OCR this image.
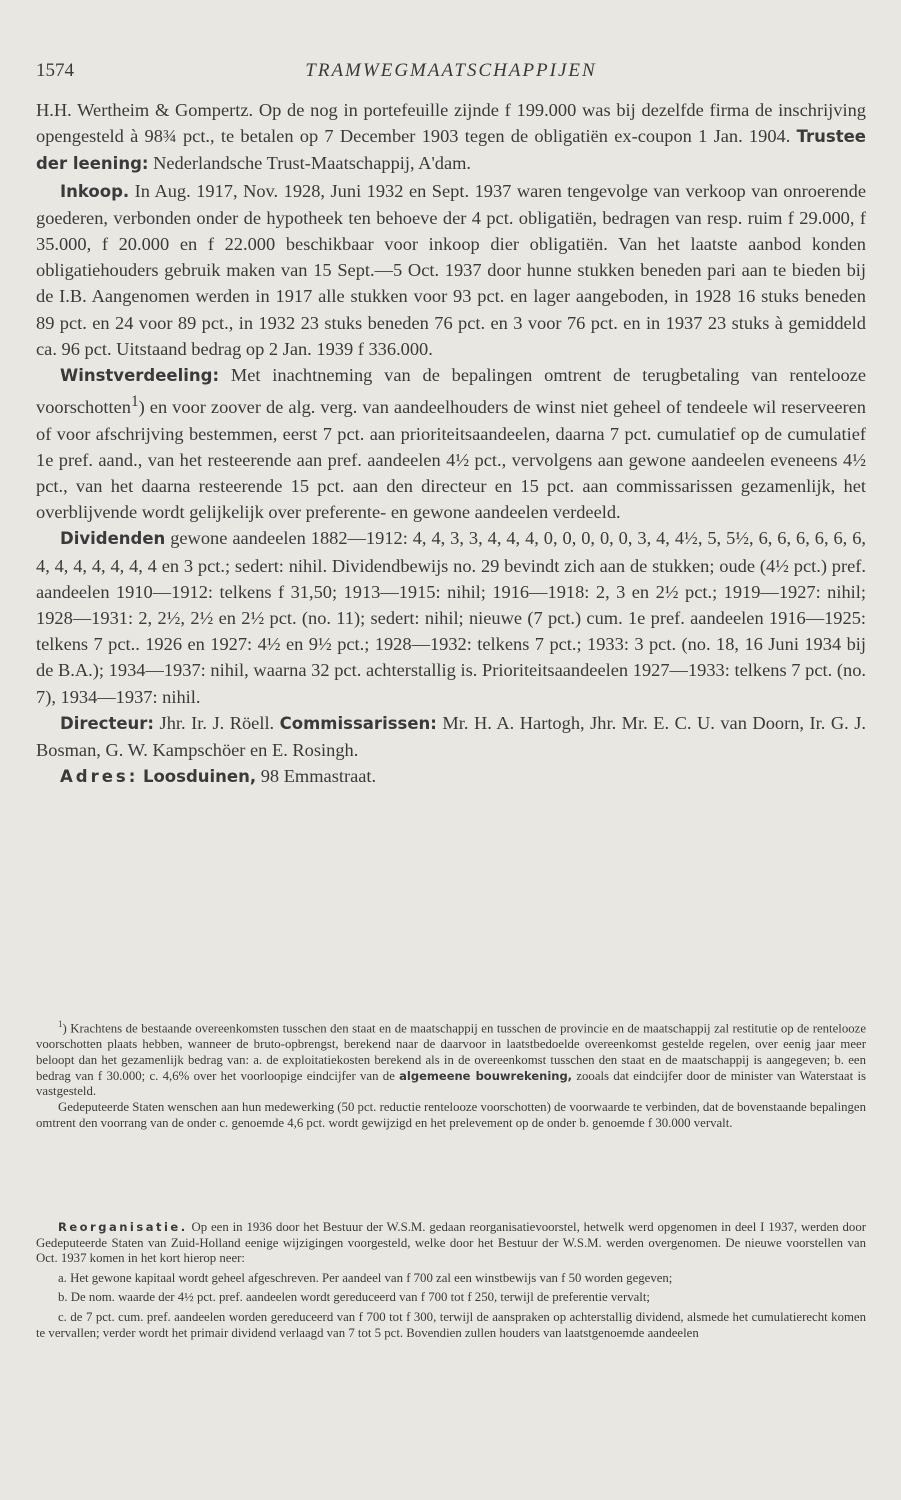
1574	TRAMWEGMAATSCHAPPIJEN

H.H. Wertheim & Gompertz. Op de nog in portefeuille zijnde f 199.000 was bij dezelfde firma de inschrijving opengesteld à 98¾ pct., te betalen op 7 December 1903 tegen de obligatiën ex-coupon 1 Jan. 1904. Trustee der leening: Nederlandsche Trust-Maatschappij, A'dam.

Inkoop. In Aug. 1917, Nov. 1928, Juni 1932 en Sept. 1937 waren tengevolge van verkoop van onroerende goederen, verbonden onder de hypotheek ten behoeve der 4 pct. obligatiën, bedragen van resp. ruim f 29.000, f 35.000, f 20.000 en f 22.000 beschikbaar voor inkoop dier obligatiën. Van het laatste aanbod konden obligatiehouders gebruik maken van 15 Sept.—5 Oct. 1937 door hunne stukken beneden pari aan te bieden bij de I.B. Aangenomen werden in 1917 alle stukken voor 93 pct. en lager aangeboden, in 1928 16 stuks beneden 89 pct. en 24 voor 89 pct., in 1932 23 stuks beneden 76 pct. en 3 voor 76 pct. en in 1937 23 stuks à gemiddeld ca. 96 pct. Uitstaand bedrag op 2 Jan. 1939 f 336.000.

Winstverdeeling: Met inachtneming van de bepalingen omtrent de terugbetaling van rentelooze voorschotten$^1$) en voor zoover de alg. verg. van aandeelhouders de winst niet geheel of tendeele wil reserveeren of voor afschrijving bestemmen, eerst 7 pct. aan prioriteitsaandeelen, daarna 7 pct. cumulatief op de cumulatief 1e pref. aand., van het resteerende aan pref. aandeelen 4½ pct., vervolgens aan gewone aandeelen eveneens 4½ pct., van het daarna resteerende 15 pct. aan den directeur en 15 pct. aan commissarissen gezamenlijk, het overblijvende wordt gelijkelijk over preferente- en gewone aandeelen verdeeld.

Dividenden gewone aandeelen 1882—1912: 4, 4, 3, 3, 4, 4, 4, 0, 0, 0, 0, 0, 3, 4, 4½, 5, 5½, 6, 6, 6, 6, 6, 6, 4, 4, 4, 4, 4, 4, 4 en 3 pct.; sedert: nihil. Dividendbewijs no. 29 bevindt zich aan de stukken; oude (4½ pct.) pref. aandeelen 1910—1912: telkens f 31,50; 1913—1915: nihil; 1916—1918: 2, 3 en 2½ pct.; 1919—1927: nihil; 1928—1931: 2, 2½, 2½ en 2½ pct. (no. 11); sedert: nihil; nieuwe (7 pct.) cum. 1e pref. aandeelen 1916—1925: telkens 7 pct.. 1926 en 1927: 4½ en 9½ pct.; 1928—1932: telkens 7 pct.; 1933: 3 pct. (no. 18, 16 Juni 1934 bij de B.A.); 1934—1937: nihil, waarna 32 pct. achterstallig is. Prioriteitsaandeelen 1927—1933: telkens 7 pct. (no. 7), 1934—1937: nihil.

Directeur: Jhr. Ir. J. Röell. Commissarissen: Mr. H. A. Hartogh, Jhr. Mr. E. C. U. van Doorn, Ir. G. J. Bosman, G. W. Kampschöer en E. Rosingh.

Adres: Loosduinen, 98 Emmastraat.

$^1$) Krachtens de bestaande overeenkomsten tusschen den staat en de maatschappij en tusschen de provincie en de maatschappij zal restitutie op de rentelooze voorschotten plaats hebben, wanneer de bruto-opbrengst, berekend naar de daarvoor in laatstbedoelde overeenkomst gestelde regelen, over eenig jaar meer beloopt dan het gezamenlijk bedrag van: a. de exploitatiekosten berekend als in de overeenkomst tusschen den staat en de maatschappij is aangegeven; b. een bedrag van f 30.000; c. 4,6% over het voorloopige eindcijfer van de algemeene bouwrekening, zooals dat eindcijfer door de minister van Waterstaat is vastgesteld.

Gedeputeerde Staten wenschen aan hun medewerking (50 pct. reductie rentelooze voorschotten) de voorwaarde te verbinden, dat de bovenstaande bepalingen omtrent den voorrang van de onder c. genoemde 4,6 pct. wordt gewijzigd en het prelevement op de onder b. genoemde f 30.000 vervalt.

Reorganisatie. Op een in 1936 door het Bestuur der W.S.M. gedaan reorganisatievoorstel, hetwelk werd opgenomen in deel I 1937, werden door Gedeputeerde Staten van Zuid-Holland eenige wijzigingen voorgesteld, welke door het Bestuur der W.S.M. werden overgenomen. De nieuwe voorstellen van Oct. 1937 komen in het kort hierop neer:

a. Het gewone kapitaal wordt geheel afgeschreven. Per aandeel van f 700 zal een winstbewijs van f 50 worden gegeven;

b. De nom. waarde der 4½ pct. pref. aandeelen wordt gereduceerd van f 700 tot f 250, terwijl de preferentie vervalt;

c. de 7 pct. cum. pref. aandeelen worden gereduceerd van f 700 tot f 300, terwijl de aanspraken op achterstallig dividend, alsmede het cumulatierecht komen te vervallen; verder wordt het primair dividend verlaagd van 7 tot 5 pct. Bovendien zullen houders van laatstgenoemde aandeelen
